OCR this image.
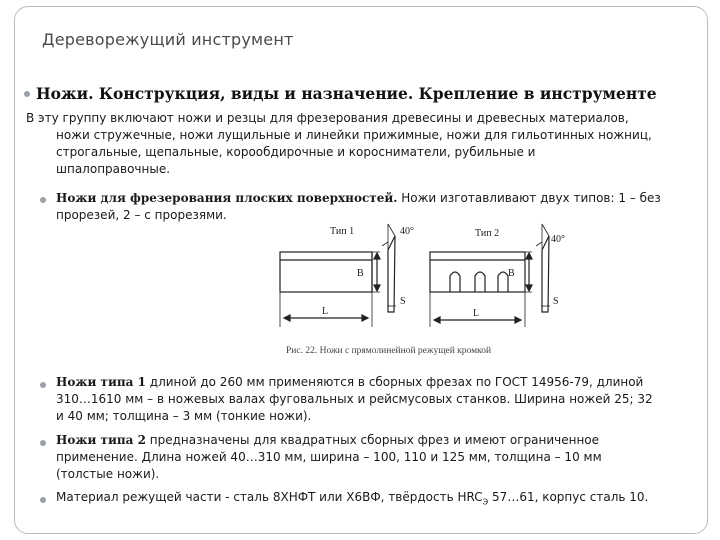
Дереворежущий инструмент
Ножи. Конструкция, виды и назначение. Крепление в инструменте
В эту группу включают ножи и резцы для фрезерования древесины и древесных материалов,
ножи стружечные, ножи лущильные и линейки прижимные, ножи для гильотинных ножниц,
строгальные, щепальные, корообдирочные и коросниматели, рубильные и
шпалоправочные.
Ножи для фрезерования плоских поверхностей. Ножи изготавливают двух типов: 1 – без
прорезей, 2 – с прорезями.
Тип 1	Тип 2
40°
40°
B	B
L	L
S	S
Рис. 22. Ножи с прямолинейной режущей кромкой
Ножи типа 1 длиной до 260 мм применяются в сборных фрезах по ГОСТ 14956-79, длиной
310…1610 мм – в ножевых валах фуговальных и рейсмусовых станков. Ширина ножей 25; 32
и 40 мм; толщина – 3 мм (тонкие ножи).
Ножи типа 2 предназначены для квадратных сборных фрез и имеют ограниченное
применение. Длина ножей 40…310 мм, ширина – 100, 110 и 125 мм, толщина – 10 мм
(толстые ножи).
Материал режущей части - сталь 8ХНФТ или Х6ВФ, твёрдость $HRC_Э$ 57…61, корпус сталь 10.
